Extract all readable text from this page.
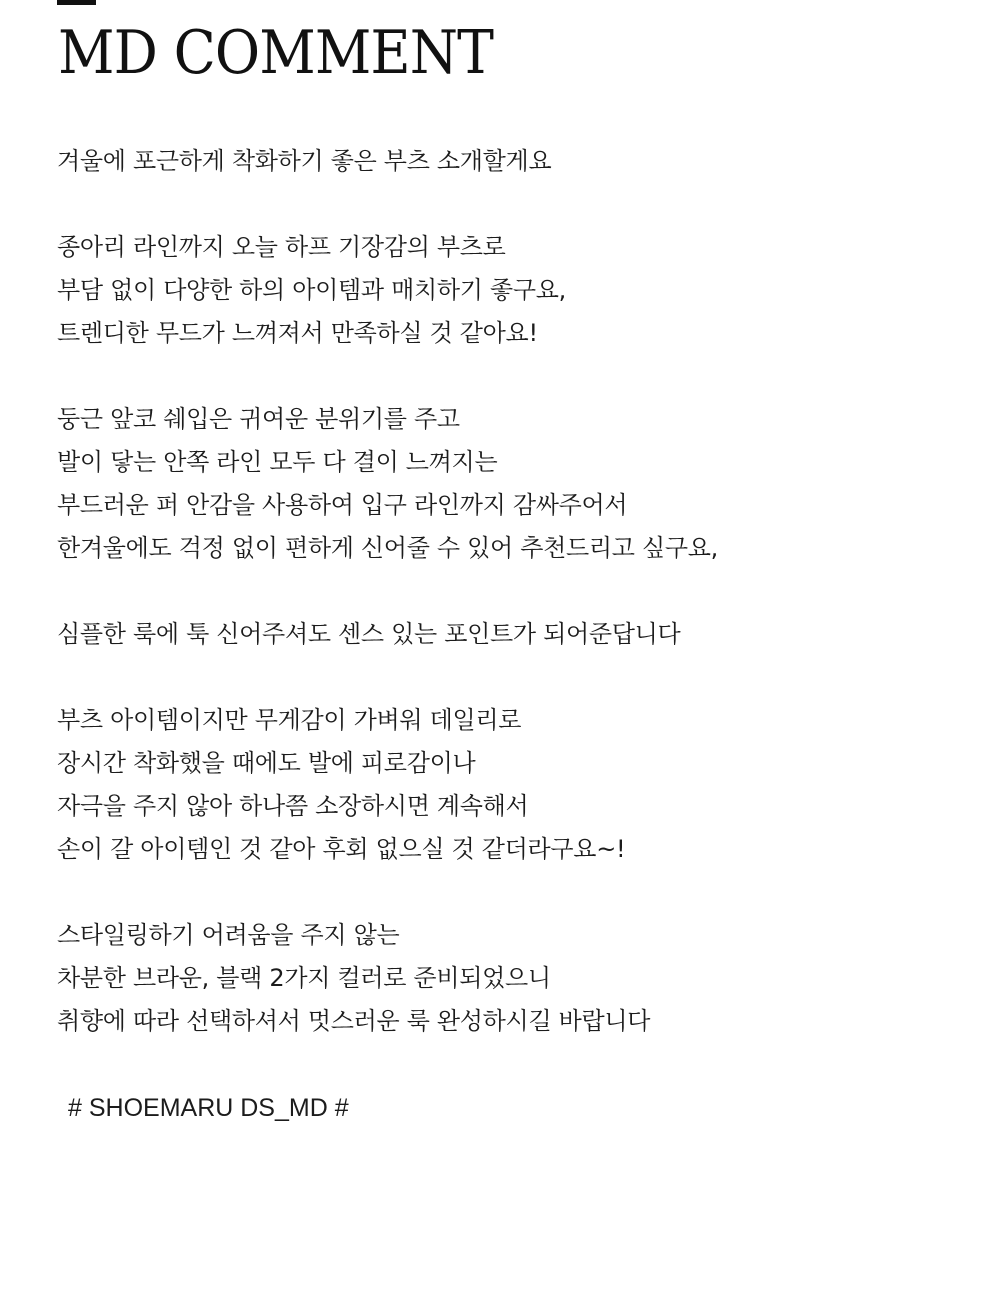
MD COMMENT
겨울에 포근하게 착화하기 좋은 부츠 소개할게요
종아리 라인까지 오늘 하프 기장감의 부츠로
부담 없이 다양한 하의 아이템과 매치하기 좋구요,
트렌디한 무드가 느껴져서 만족하실 것 같아요!
둥근 앞코 쉐입은 귀여운 분위기를 주고
발이 닿는 안쪽 라인 모두 다 결이 느껴지는
부드러운 퍼 안감을 사용하여 입구 라인까지 감싸주어서
한겨울에도 걱정 없이 편하게 신어줄 수 있어 추천드리고 싶구요,
심플한 룩에 툭 신어주셔도 센스 있는 포인트가 되어준답니다
부츠 아이템이지만 무게감이 가벼워 데일리로
장시간 착화했을 때에도 발에 피로감이나
자극을 주지 않아 하나쯤 소장하시면 계속해서
손이 갈 아이템인 것 같아 후회 없으실 것 같더라구요~!
스타일링하기 어려움을 주지 않는
차분한 브라운, 블랙 2가지 컬러로 준비되었으니
취향에 따라 선택하셔서 멋스러운 룩 완성하시길 바랍니다
# SHOEMARU DS_MD #
